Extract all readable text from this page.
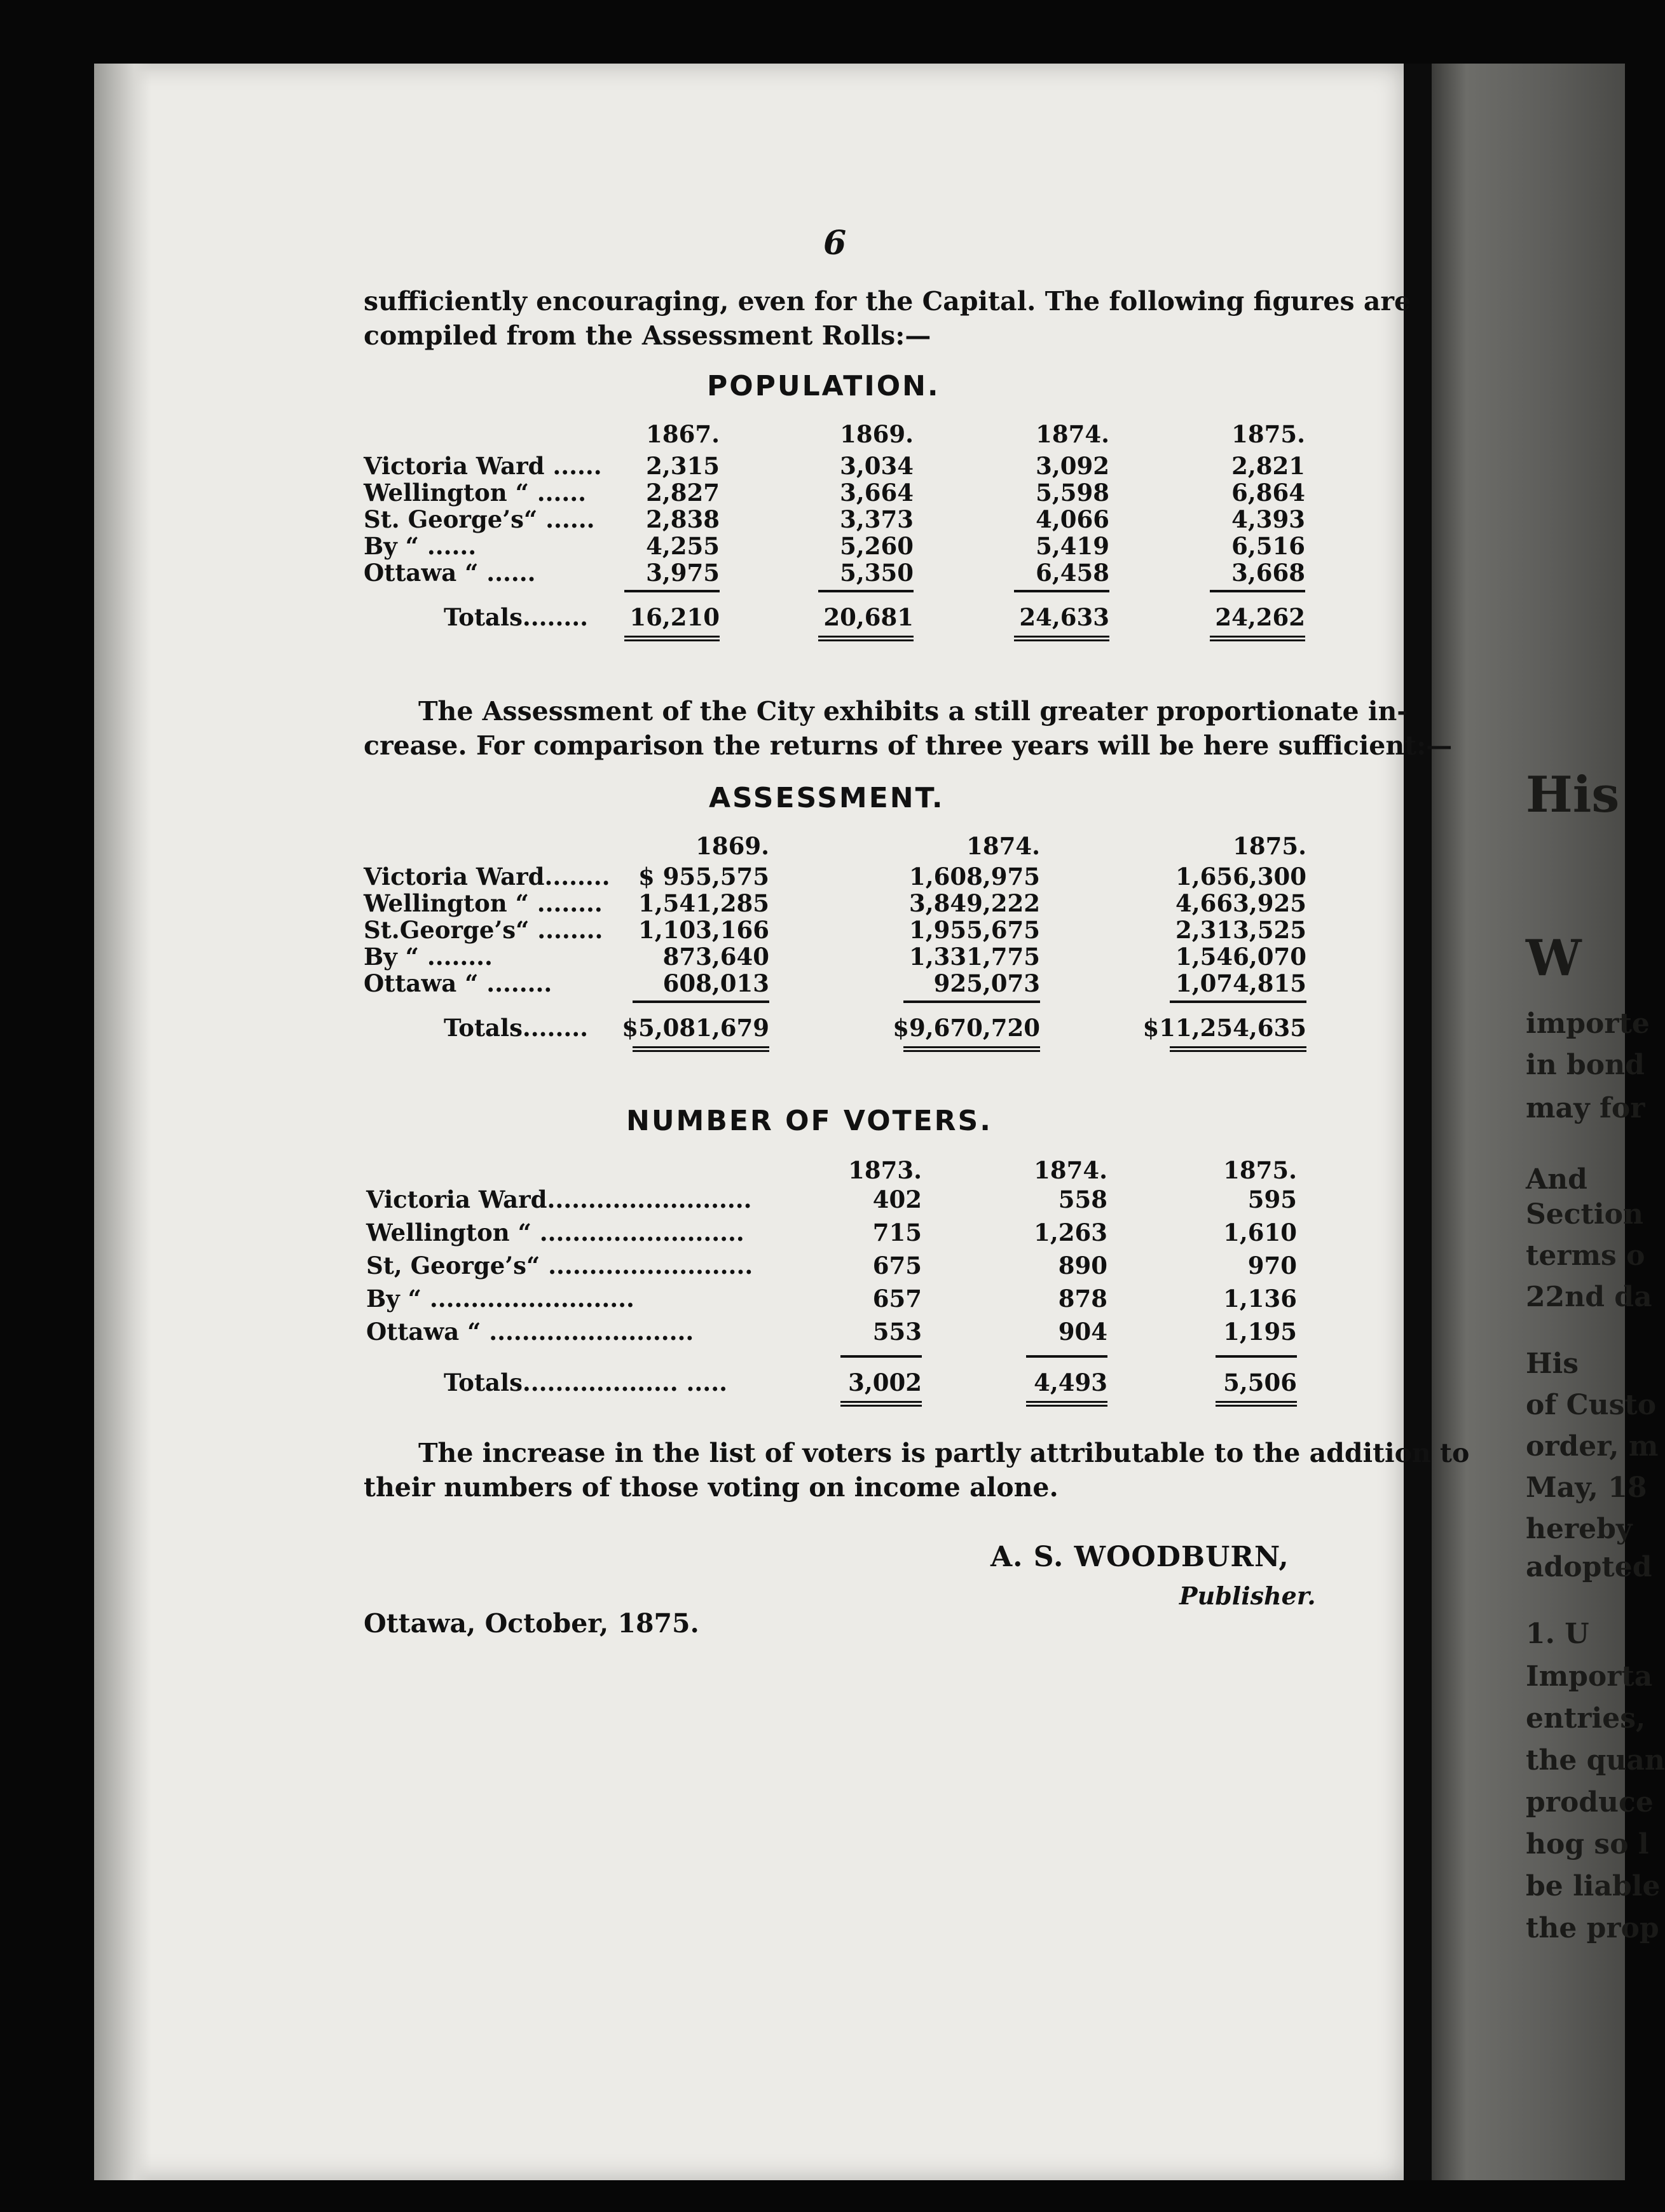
His
W
importe
in bond
may for
And
Section
terms o
22nd da
His
of Custo
order, m
May, 18
hereby
adopted
1. U
Importa
entries,
the quan
produce
hog so l
be liable
the prop
6
sufficiently encouraging, even for the Capital. The following figures are
compiled from the Assessment Rolls:—
POPULATION.
1867.	1869.	1874.	1875.
Victoria Ward ......	2,315	3,034	3,092	2,821
Wellington “ ......	2,827	3,664	5,598	6,864
St. George’s“ ......	2,838	3,373	4,066	4,393
By “ ......	4,255	5,260	5,419	6,516
Ottawa “ ......	3,975	5,350	6,458	3,668
Totals........	16,210	20,681	24,633	24,262
The Assessment of the City exhibits a still greater proportionate in-
crease. For comparison the returns of three years will be here sufficient:—
ASSESSMENT.
1869.	1874.	1875.
Victoria Ward........	$ 955,575	1,608,975	1,656,300
Wellington “ ........	1,541,285	3,849,222	4,663,925
St.George’s“ ........	1,103,166	1,955,675	2,313,525
By “ ........	873,640	1,331,775	1,546,070
Ottawa “ ........	608,013	925,073	1,074,815
Totals........	$5,081,679	$9,670,720	$11,254,635
NUMBER OF VOTERS.
1873.	1874.	1875.
Victoria Ward.........................	402	558	595
Wellington “ .........................	715	1,263	1,610
St, George’s“ .........................	675	890	970
By “ .........................	657	878	1,136
Ottawa “ .........................	553	904	1,195
Totals................... .....	3,002	4,493	5,506
The increase in the list of voters is partly attributable to the addition to
their numbers of those voting on income alone.
A. S. WOODBURN,
Publisher.
Ottawa, October, 1875.
